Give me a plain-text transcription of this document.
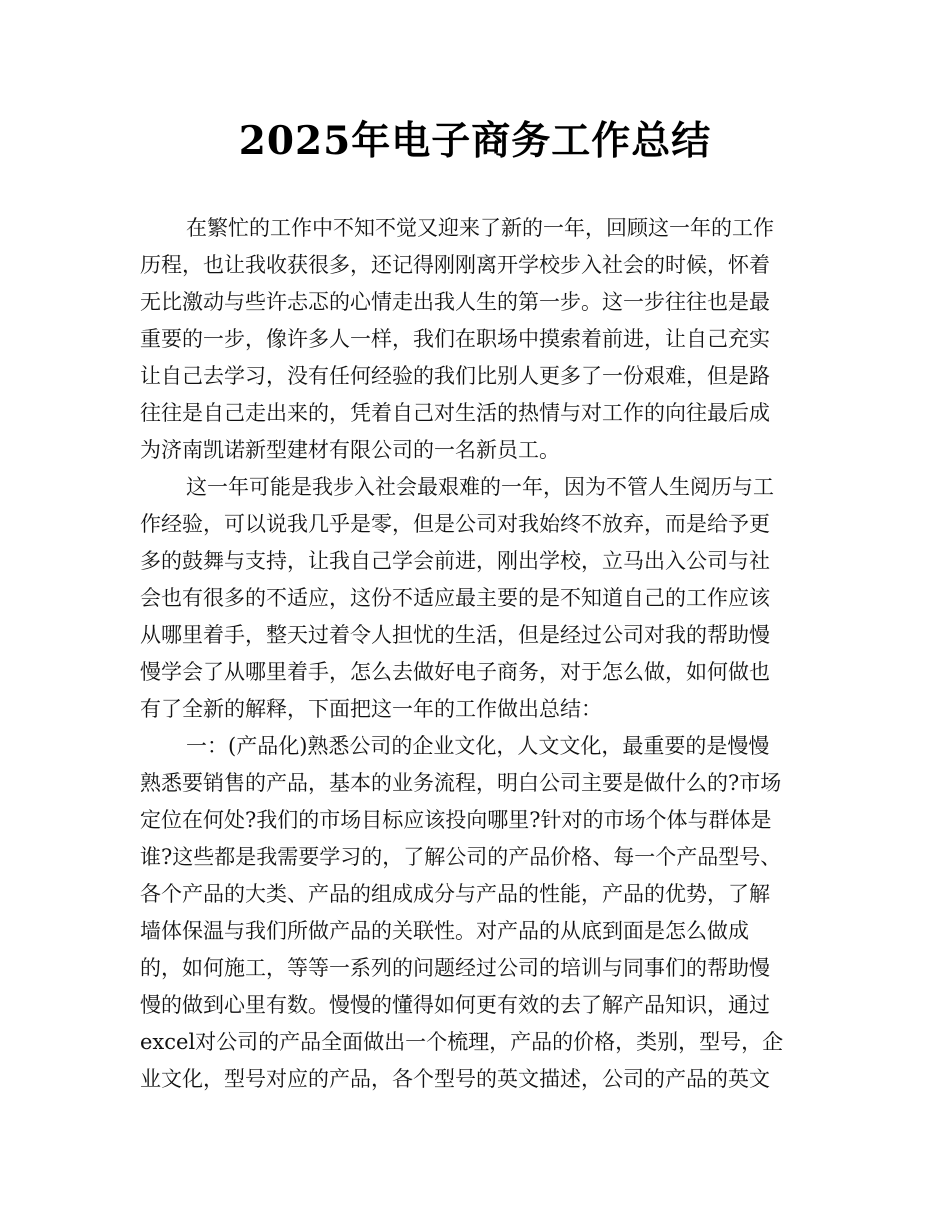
2025年电子商务工作总结
在繁忙的工作中不知不觉又迎来了新的一年，回顾这一年的工作
历程，也让我收获很多，还记得刚刚离开学校步入社会的时候，怀着
无比激动与些许忐忑的心情走出我人生的第一步。这一步往往也是最
重要的一步，像许多人一样，我们在职场中摸索着前进，让自己充实
让自己去学习，没有任何经验的我们比别人更多了一份艰难，但是路
往往是自己走出来的，凭着自己对生活的热情与对工作的向往最后成
为济南凯诺新型建材有限公司的一名新员工。
这一年可能是我步入社会最艰难的一年，因为不管人生阅历与工
作经验，可以说我几乎是零，但是公司对我始终不放弃，而是给予更
多的鼓舞与支持，让我自己学会前进，刚出学校，立马出入公司与社
会也有很多的不适应，这份不适应最主要的是不知道自己的工作应该
从哪里着手，整天过着令人担忧的生活，但是经过公司对我的帮助慢
慢学会了从哪里着手，怎么去做好电子商务，对于怎么做，如何做也
有了全新的解释，下面把这一年的工作做出总结：
一：(产品化)熟悉公司的企业文化，人文文化，最重要的是慢慢
熟悉要销售的产品，基本的业务流程，明白公司主要是做什么的?市场
定位在何处?我们的市场目标应该投向哪里?针对的市场个体与群体是
谁?这些都是我需要学习的，了解公司的产品价格、每一个产品型号、
各个产品的大类、产品的组成成分与产品的性能，产品的优势，了解
墙体保温与我们所做产品的关联性。对产品的从底到面是怎么做成
的，如何施工，等等一系列的问题经过公司的培训与同事们的帮助慢
慢的做到心里有数。慢慢的懂得如何更有效的去了解产品知识，通过
excel对公司的产品全面做出一个梳理，产品的价格，类别，型号，企
业文化，型号对应的产品，各个型号的英文描述，公司的产品的英文
